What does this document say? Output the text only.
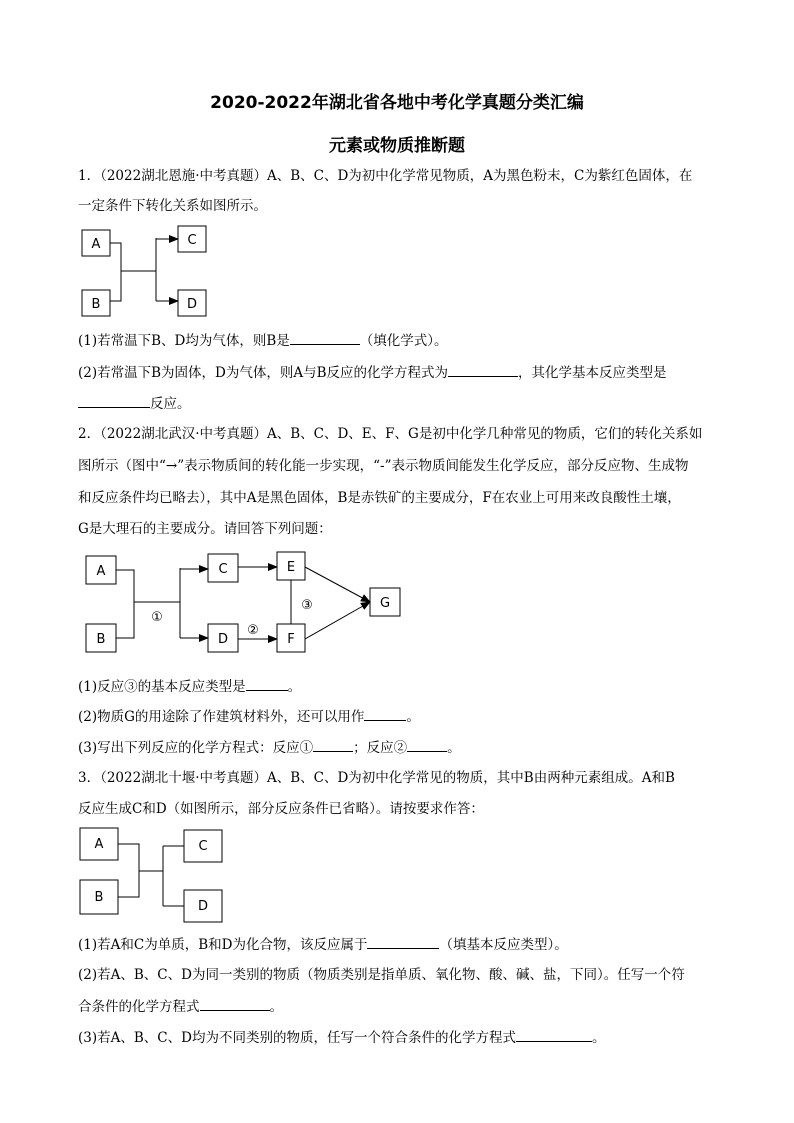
2020-2022年湖北省各地中考化学真题分类汇编
元素或物质推断题
1．（2022湖北恩施·中考真题）A、B、C、D为初中化学常见物质，A为黑色粉末，C为紫红色固体，在
一定条件下转化关系如图所示。
A
B
C
D
(1)若常温下B、D均为气体，则B是	（填化学式）。
(2)若常温下B为固体，D为气体，则A与B反应的化学方程式为	，其化学基本反应类型是
反应。
2．（2022湖北武汉·中考真题）A、B、C、D、E、F、G是初中化学几种常见的物质，它们的转化关系如
图所示（图中“→”表示物质间的转化能一步实现，“-”表示物质间能发生化学反应，部分反应物、生成物
和反应条件均已略去），其中A是黑色固体，B是赤铁矿的主要成分，F在农业上可用来改良酸性土壤，
G是大理石的主要成分。请回答下列问题：
A
B
C
D
E
F
G
①
②
③
(1)反应③的基本反应类型是	。
(2)物质G的用途除了作建筑材料外，还可以用作	。
(3)写出下列反应的化学方程式：反应①	；反应②	。
3．（2022湖北十堰·中考真题）A、B、C、D为初中化学常见的物质，其中B由两种元素组成。A和B
反应生成C和D（如图所示，部分反应条件已省略）。请按要求作答：
A
B
C
D
(1)若A和C为单质，B和D为化合物，该反应属于	（填基本反应类型）。
(2)若A、B、C、D为同一类别的物质（物质类别是指单质、氧化物、酸、碱、盐，下同）。任写一个符
合条件的化学方程式	。
(3)若A、B、C、D均为不同类别的物质，任写一个符合条件的化学方程式	。
